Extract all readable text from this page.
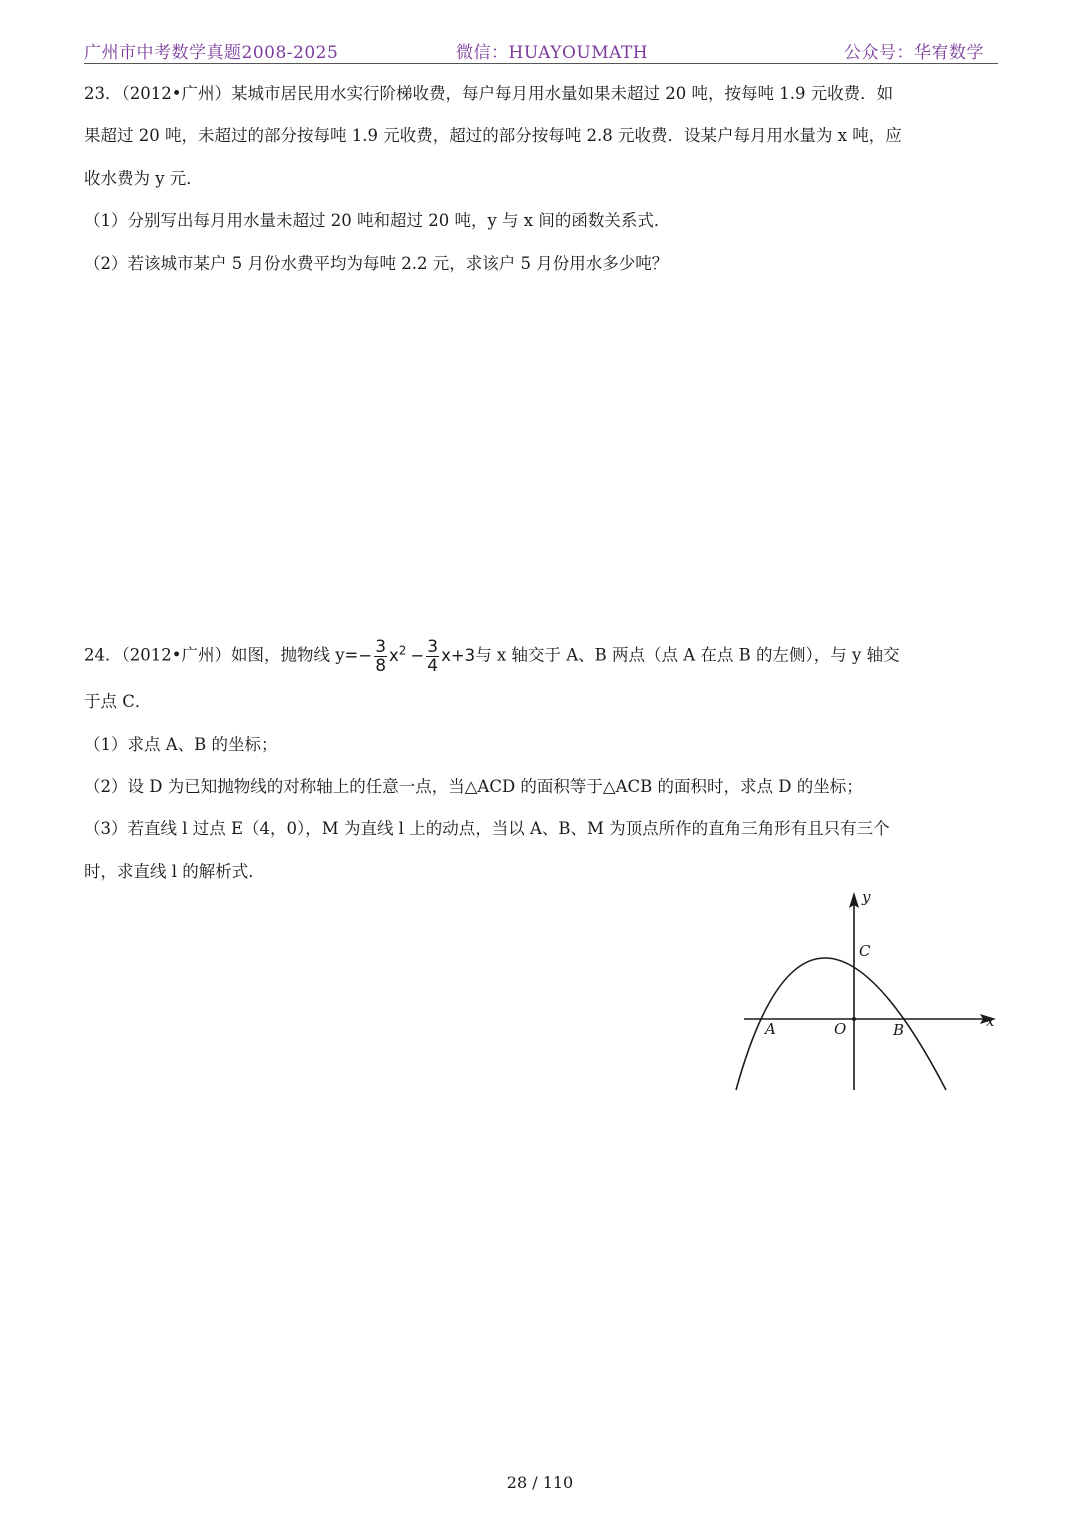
广州市中考数学真题2008-2025	微信：HUAYOUMATH	公众号：华宥数学
23．（2012•广州）某城市居民用水实行阶梯收费，每户每月用水量如果未超过 20 吨，按每吨 1.9 元收费．如
果超过 20 吨，未超过的部分按每吨 1.9 元收费，超过的部分按每吨 2.8 元收费．设某户每月用水量为 x 吨，应
收水费为 y 元．
（1）分别写出每月用水量未超过 20 吨和超过 20 吨，y 与 x 间的函数关系式．
（2）若该城市某户 5 月份水费平均为每吨 2.2 元，求该户 5 月份用水多少吨？
24．（2012•广州）如图，抛物线 $y=- \frac{3}{8} x^2 - \frac{3}{4} x+3$与 x 轴交于 A、B 两点（点 A 在点 B 的左侧），与 y 轴交
于点 C．
（1）求点 A、B 的坐标；
（2）设 D 为已知抛物线的对称轴上的任意一点，当△ACD 的面积等于△ACB 的面积时，求点 D 的坐标；
（3）若直线 l 过点 E（4，0），M 为直线 l 上的动点，当以 A、B、M 为顶点所作的直角三角形有且只有三个
时，求直线 l 的解析式．
y
x
C
A	O	B
28 / 110
